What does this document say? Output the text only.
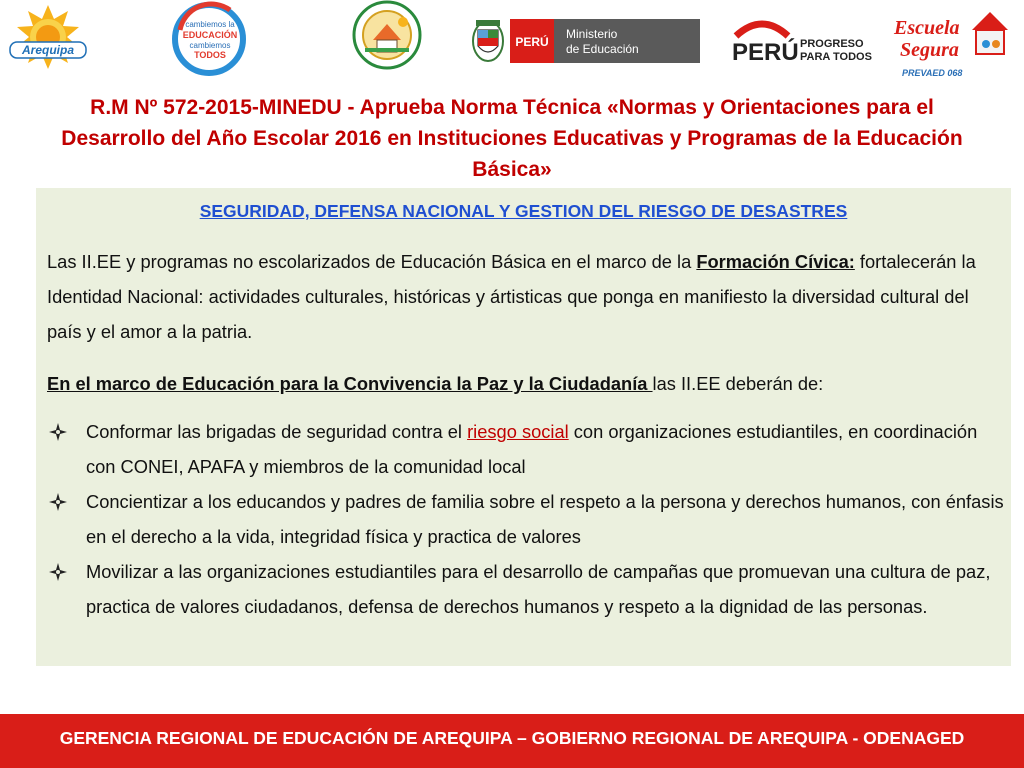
Arequipa
cambiemos la
EDUCACIÓN
cambiemos
TODOS
PERÚ
Ministerio
de Educación	PERÚ PROGRESO
PARA TODOS
Escuela
Segura
PREVAED 068
R.M Nº 572-2015-MINEDU - Aprueba Norma Técnica «Normas y Orientaciones para el Desarrollo del Año Escolar 2016 en Instituciones Educativas y Programas de la Educación Básica»
SEGURIDAD, DEFENSA NACIONAL Y GESTION DEL RIESGO DE DESASTRES
Las II.EE y programas no escolarizados de Educación Básica en el marco de la Formación Cívica: fortalecerán la Identidad Nacional: actividades culturales, históricas y ártisticas que ponga en manifiesto la diversidad cultural del país y el amor a la patria.
En el marco de Educación para la Convivencia la Paz y la Ciudadanía las II.EE deberán de:
Conformar las brigadas de seguridad contra el riesgo social con organizaciones estudiantiles, en coordinación con CONEI, APAFA y miembros de la comunidad local
Concientizar a los educandos y padres de familia sobre el respeto a la persona y derechos humanos, con énfasis en el derecho a la vida, integridad física y practica de valores
Movilizar a las organizaciones estudiantiles para el desarrollo de campañas que promuevan una cultura de paz, practica de valores ciudadanos, defensa de derechos humanos y respeto a la dignidad de las personas.
GERENCIA REGIONAL DE EDUCACIÓN DE AREQUIPA – GOBIERNO REGIONAL DE AREQUIPA - ODENAGED
